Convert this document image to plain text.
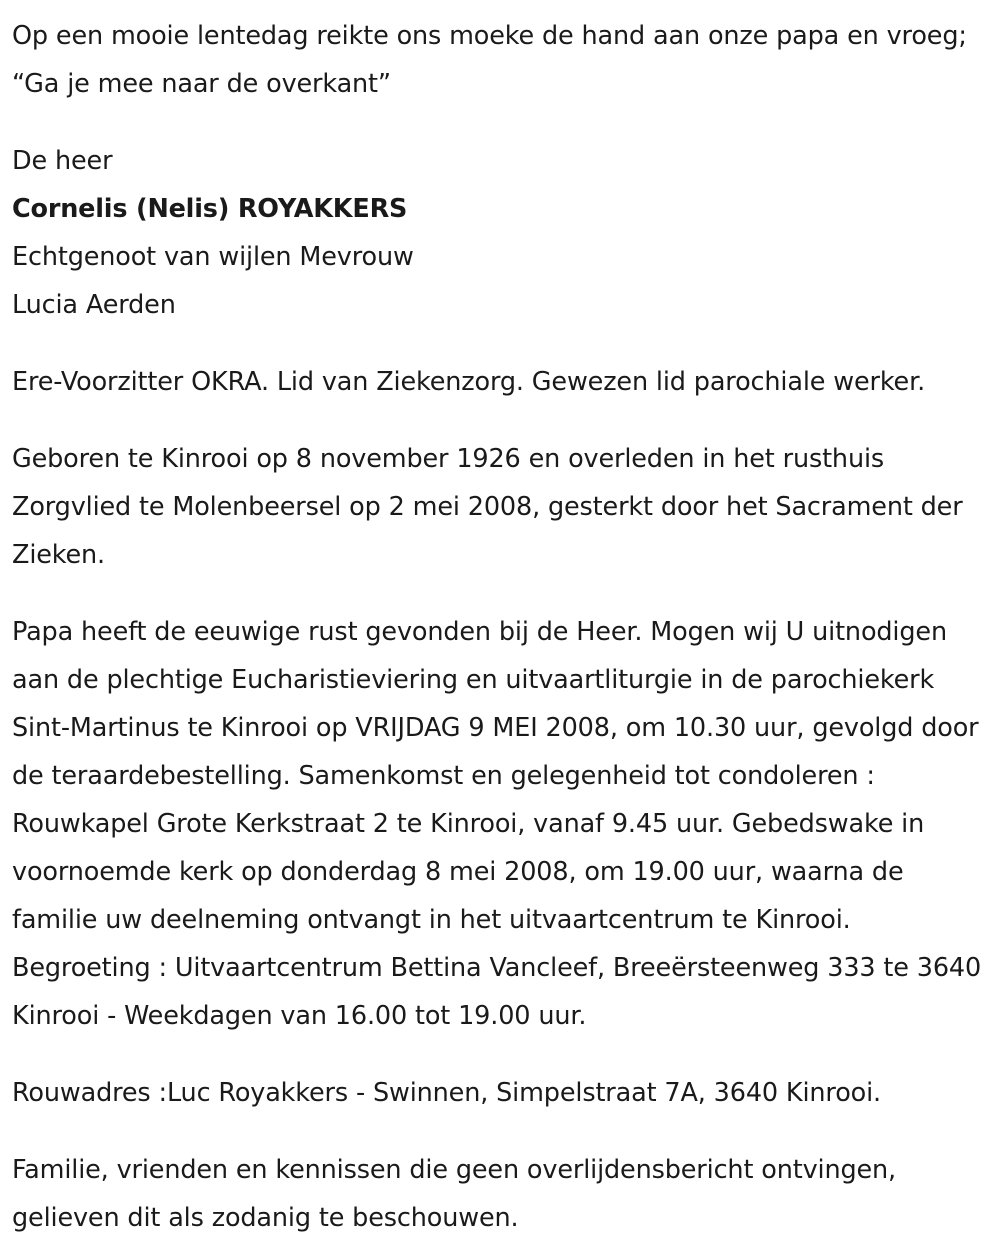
Op een mooie lentedag reikte ons moeke de hand aan onze papa en vroeg; “Ga je mee naar de overkant”

De heer

Cornelis (Nelis) ROYAKKERS

Echtgenoot van wijlen Mevrouw

Lucia Aerden

Ere-Voorzitter OKRA. Lid van Ziekenzorg. Gewezen lid parochiale werker.

Geboren te Kinrooi op 8 november 1926 en overleden in het rusthuis Zorgvlied te Molenbeersel op 2 mei 2008, gesterkt door het Sacrament der Zieken.

Papa heeft de eeuwige rust gevonden bij de Heer. Mogen wij U uitnodigen aan de plechtige Eucharistieviering en uitvaartliturgie in de parochiekerk Sint-Martinus te Kinrooi op VRIJDAG 9 MEI 2008, om 10.30 uur, gevolgd door de teraardebestelling. Samenkomst en gelegenheid tot condoleren : Rouwkapel Grote Kerkstraat 2 te Kinrooi, vanaf 9.45 uur. Gebedswake in voornoemde kerk op donderdag 8 mei 2008, om 19.00 uur, waarna de familie uw deelneming ontvangt in het uitvaartcentrum te Kinrooi. Begroeting : Uitvaartcentrum Bettina Vancleef, Breeërsteenweg 333 te 3640 Kinrooi - Weekdagen van 16.00 tot 19.00 uur.

Rouwadres :Luc Royakkers - Swinnen, Simpelstraat 7A, 3640 Kinrooi.

Familie, vrienden en kennissen die geen overlijdensbericht ontvingen, gelieven dit als zodanig te beschouwen.
